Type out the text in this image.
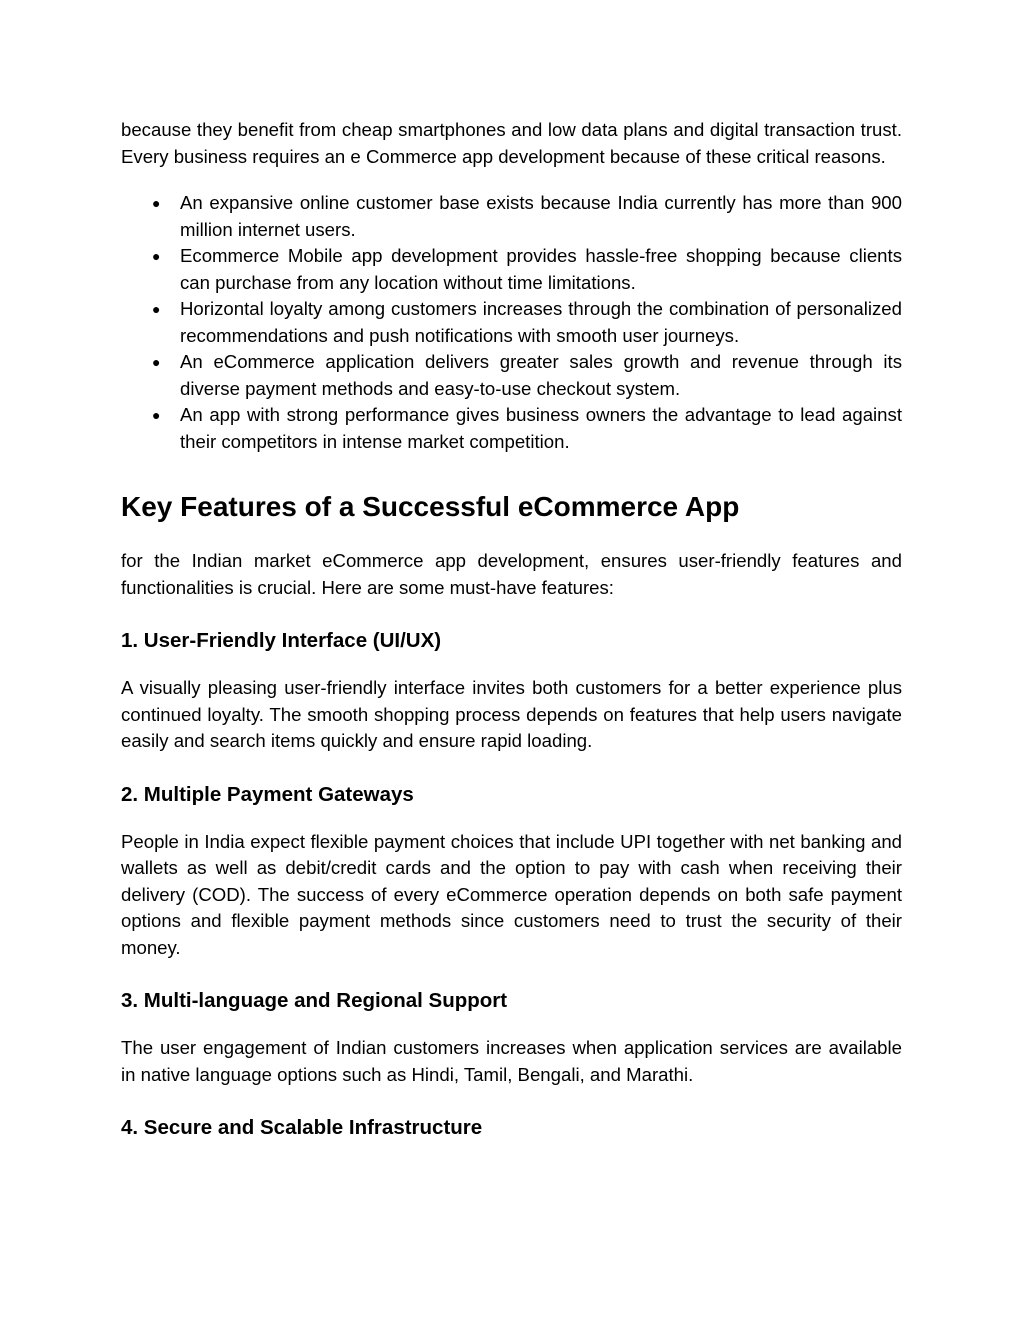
because they benefit from cheap smartphones and low data plans and digital transaction trust. Every business requires an e Commerce app development because of these critical reasons.

● An expansive online customer base exists because India currently has more than 900 million internet users.
● Ecommerce Mobile app development provides hassle-free shopping because clients can purchase from any location without time limitations.
● Horizontal loyalty among customers increases through the combination of personalized recommendations and push notifications with smooth user journeys.
● An eCommerce application delivers greater sales growth and revenue through its diverse payment methods and easy-to-use checkout system.
● An app with strong performance gives business owners the advantage to lead against their competitors in intense market competition.
Key Features of a Successful eCommerce App

for the Indian market eCommerce app development, ensures user-friendly features and functionalities is crucial. Here are some must-have features:

1. User-Friendly Interface (UI/UX)

A visually pleasing user-friendly interface invites both customers for a better experience plus continued loyalty. The smooth shopping process depends on features that help users navigate easily and search items quickly and ensure rapid loading.

2. Multiple Payment Gateways

People in India expect flexible payment choices that include UPI together with net banking and wallets as well as debit/credit cards and the option to pay with cash when receiving their delivery (COD). The success of every eCommerce operation depends on both safe payment options and flexible payment methods since customers need to trust the security of their money.

3. Multi-language and Regional Support

The user engagement of Indian customers increases when application services are available in native language options such as Hindi, Tamil, Bengali, and Marathi.

4. Secure and Scalable Infrastructure
